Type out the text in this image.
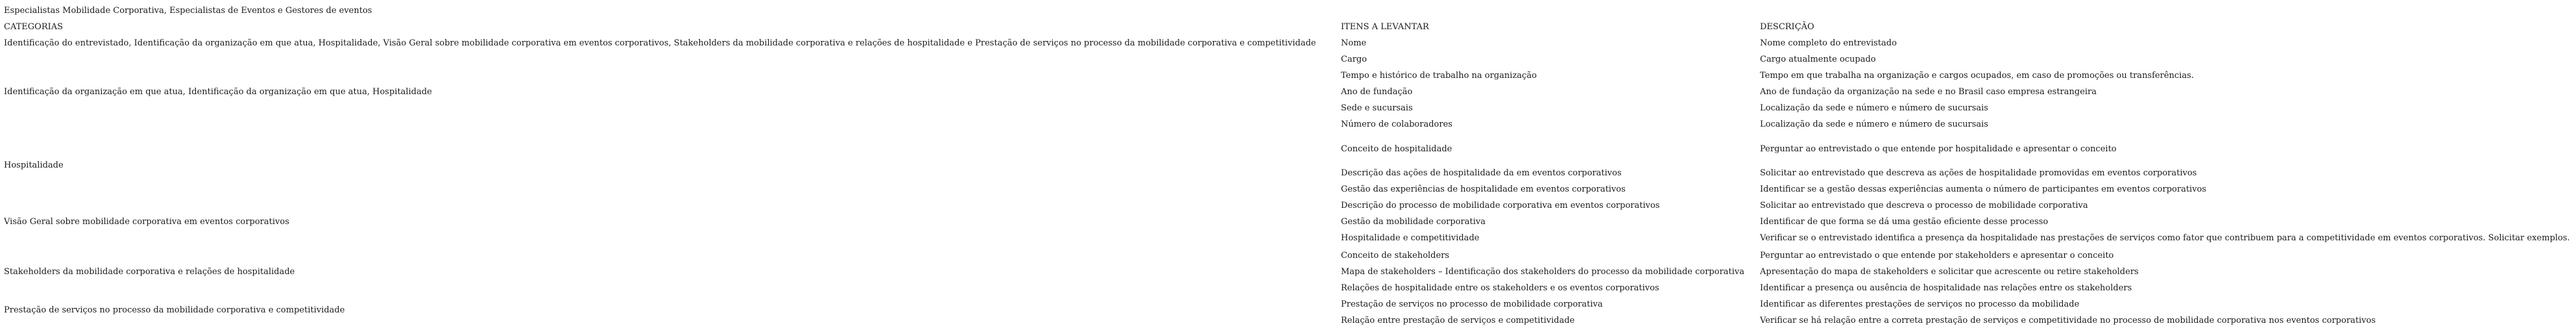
Especialistas Mobilidade Corporativa, Especialistas de Eventos e Gestores de eventos

CATEGORIAS	ITENS A LEVANTAR	DESCRIÇÃO

Identificação do entrevistado, Identificação da organização em que atua, Hospitalidade, Visão Geral sobre mobilidade corporativa em eventos corporativos, Stakeholders da mobilidade corporativa e relações de hospitalidade e Prestação de serviços no processo da mobilidade corporativa e competitividade

Identificação da organização em que atua, Identificação da organização em que atua, Hospitalidade

Hospitalidade

Visão Geral sobre mobilidade corporativa em eventos corporativos

Stakeholders da mobilidade corporativa e relações de hospitalidade

Prestação de serviços no processo da mobilidade corporativa e competitividade

Nome

Cargo

Tempo e histórico de trabalho na organização

Ano de fundação

Sede e sucursais

Número de colaboradores

Conceito de hospitalidade

Descrição das ações de hospitalidade da em eventos corporativos

Gestão das experiências de hospitalidade em eventos corporativos

Descrição do processo de mobilidade corporativa em eventos corporativos

Gestão da mobilidade corporativa

Hospitalidade e competitividade

Conceito de stakeholders

Mapa de stakeholders – Identificação dos stakeholders do processo da mobilidade corporativa

Relações de hospitalidade entre os stakeholders e os eventos corporativos

Prestação de serviços no processo de mobilidade corporativa

Relação entre prestação de serviços e competitividade

Nome completo do entrevistado

Cargo atualmente ocupado

Tempo em que trabalha na organização e cargos ocupados, em caso de promoções ou transferências.

Ano de fundação da organização na sede e no Brasil caso empresa estrangeira

Localização da sede e número e número de sucursais

Localização da sede e número e número de sucursais

Perguntar ao entrevistado o que entende por hospitalidade e apresentar o conceito

Solicitar ao entrevistado que descreva as ações de hospitalidade promovidas em eventos corporativos

Identificar se a gestão dessas experiências aumenta o número de participantes em eventos corporativos

Solicitar ao entrevistado que descreva o processo de mobilidade corporativa

Identificar de que forma se dá uma gestão eficiente desse processo

Verificar se o entrevistado identifica a presença da hospitalidade nas prestações de serviços como fator que contribuem para a competitividade em eventos corporativos. Solicitar exemplos.

Perguntar ao entrevistado o que entende por stakeholders e apresentar o conceito

Apresentação do mapa de stakeholders e solicitar que acrescente ou retire stakeholders

Identificar a presença ou ausência de hospitalidade nas relações entre os stakeholders

Identificar as diferentes prestações de serviços no processo da mobilidade

Verificar se há relação entre a correta prestação de serviços e competitividade no processo de mobilidade corporativa nos eventos corporativos
